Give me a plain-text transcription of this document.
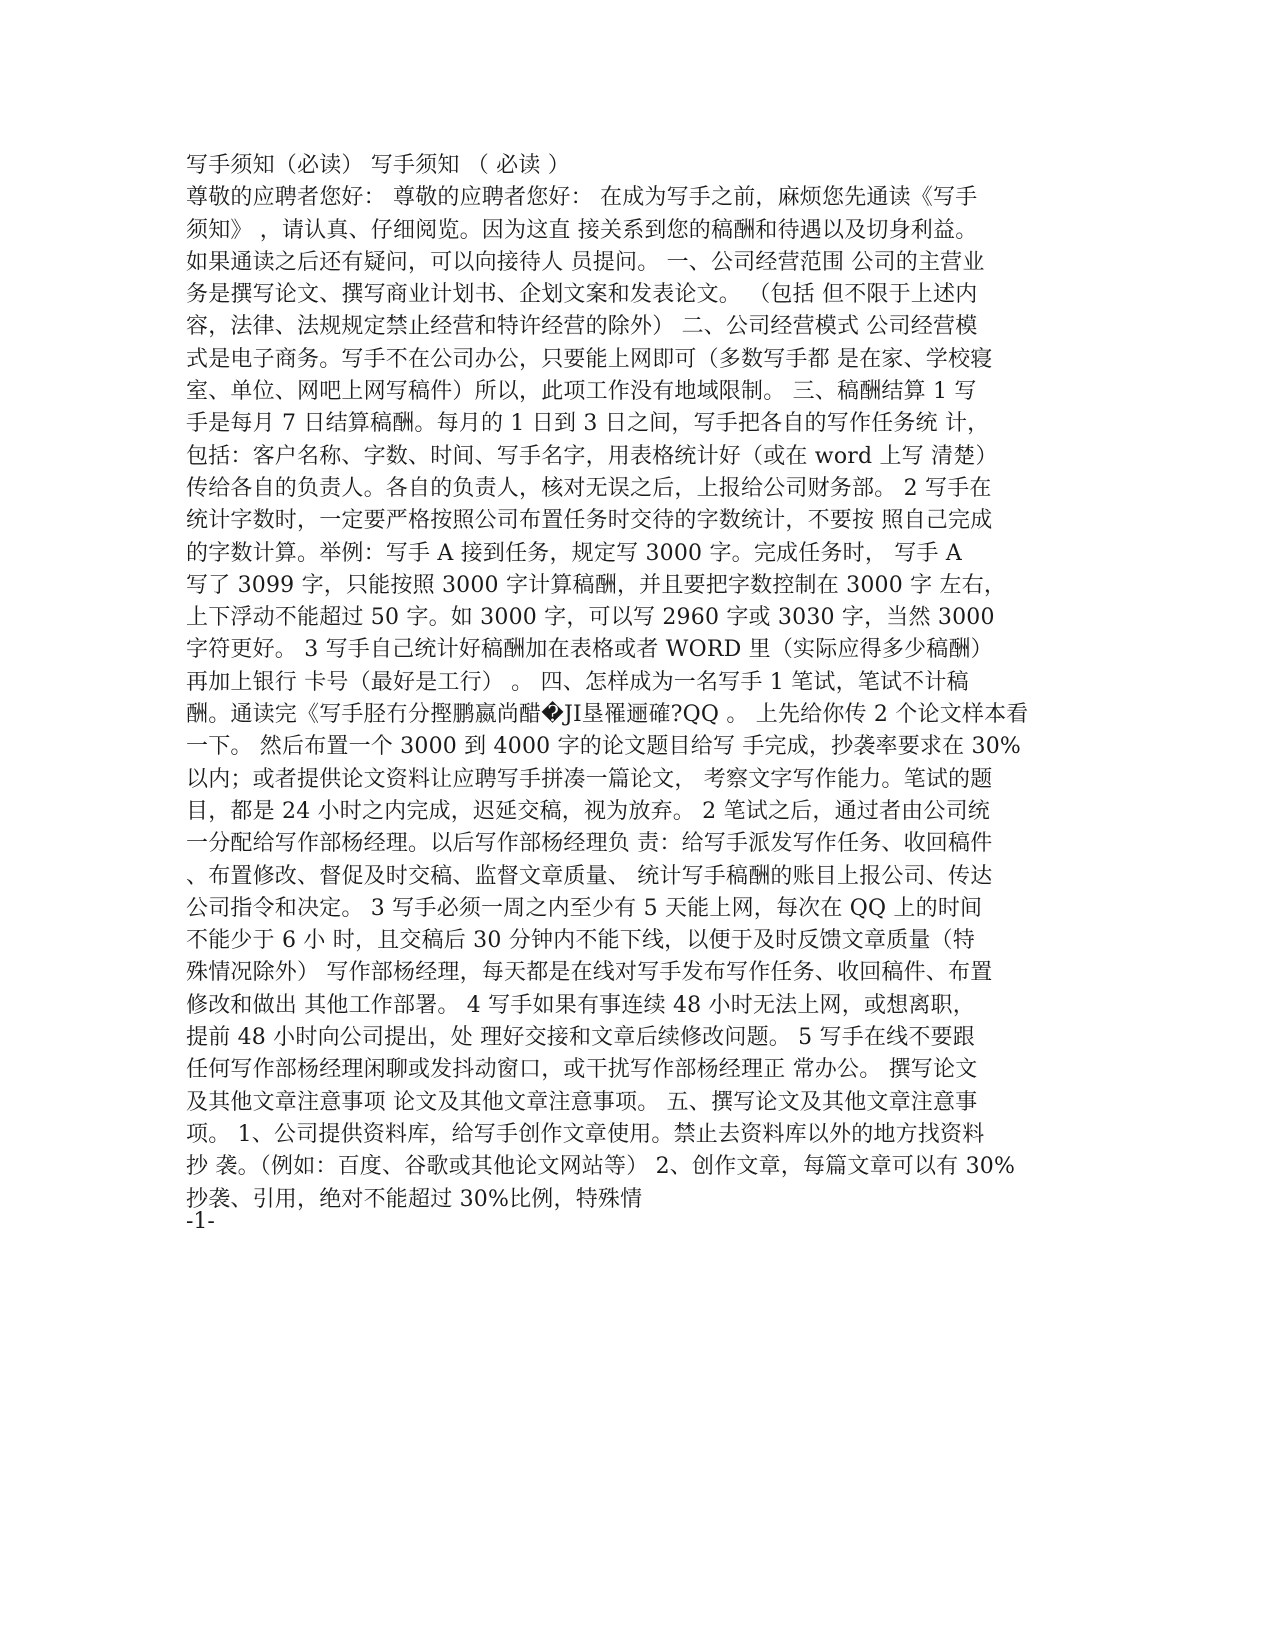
写手须知（必读） 写手须知 （ 必读 ）
尊敬的应聘者您好： 尊敬的应聘者您好： 在成为写手之前，麻烦您先通读《写手
须知》 ，请认真、仔细阅览。因为这直 接关系到您的稿酬和待遇以及切身利益。
如果通读之后还有疑问，可以向接待人 员提问。 一、公司经营范围 公司的主营业
务是撰写论文、撰写商业计划书、企划文案和发表论文。 （包括 但不限于上述内
容，法律、法规规定禁止经营和特许经营的除外） 二、公司经营模式 公司经营模
式是电子商务。写手不在公司办公，只要能上网即可（多数写手都 是在家、学校寝
室、单位、网吧上网写稿件）所以，此项工作没有地域限制。 三、稿酬结算 1 写
手是每月 7 日结算稿酬。每月的 1 日到 3 日之间，写手把各自的写作任务统 计，
包括：客户名称、字数、时间、写手名字，用表格统计好（或在 word 上写 清楚）
传给各自的负责人。各自的负责人，核对无误之后，上报给公司财务部。 2 写手在
统计字数时，一定要严格按照公司布置任务时交待的字数统计，不要按 照自己完成
的字数计算。举例：写手 A 接到任务，规定写 3000 字。完成任务时， 写手 A
写了 3099 字，只能按照 3000 字计算稿酬，并且要把字数控制在 3000 字 左右，
上下浮动不能超过 50 字。如 3000 字，可以写 2960 字或 3030 字，当然 3000
字符更好。 3 写手自己统计好稿酬加在表格或者 WORD 里（实际应得多少稿酬）
再加上银行 卡号（最好是工行） 。 四、怎样成为一名写手 1 笔试，笔试不计稿
酬。通读完《写手胫冇分摼鹏嬴尚醋�JI垦罹逦確?QQ 。 上先给你传 2 个论文样本看
一下。 然后布置一个 3000 到 4000 字的论文题目给写 手完成，抄袭率要求在 30%
以内；或者提供论文资料让应聘写手拼凑一篇论文， 考察文字写作能力。笔试的题
目，都是 24 小时之内完成，迟延交稿，视为放弃。 2 笔试之后，通过者由公司统
一分配给写作部杨经理。以后写作部杨经理负 责：给写手派发写作任务、收回稿件
、布置修改、督促及时交稿、监督文章质量、 统计写手稿酬的账目上报公司、传达
公司指令和决定。 3 写手必须一周之内至少有 5 天能上网，每次在 QQ 上的时间
不能少于 6 小 时，且交稿后 30 分钟内不能下线，以便于及时反馈文章质量（特
殊情况除外） 写作部杨经理，每天都是在线对写手发布写作任务、收回稿件、布置
修改和做出 其他工作部署。 4 写手如果有事连续 48 小时无法上网，或想离职，
提前 48 小时向公司提出，处 理好交接和文章后续修改问题。 5 写手在线不要跟
任何写作部杨经理闲聊或发抖动窗口，或干扰写作部杨经理正 常办公。 撰写论文
及其他文章注意事项 论文及其他文章注意事项。 五、撰写论文及其他文章注意事
项。 1、公司提供资料库，给写手创作文章使用。禁止去资料库以外的地方找资料
抄 袭。（例如：百度、谷歌或其他论文网站等） 2、创作文章，每篇文章可以有 30%
抄袭、引用，绝对不能超过 30%比例，特殊情
-1-
